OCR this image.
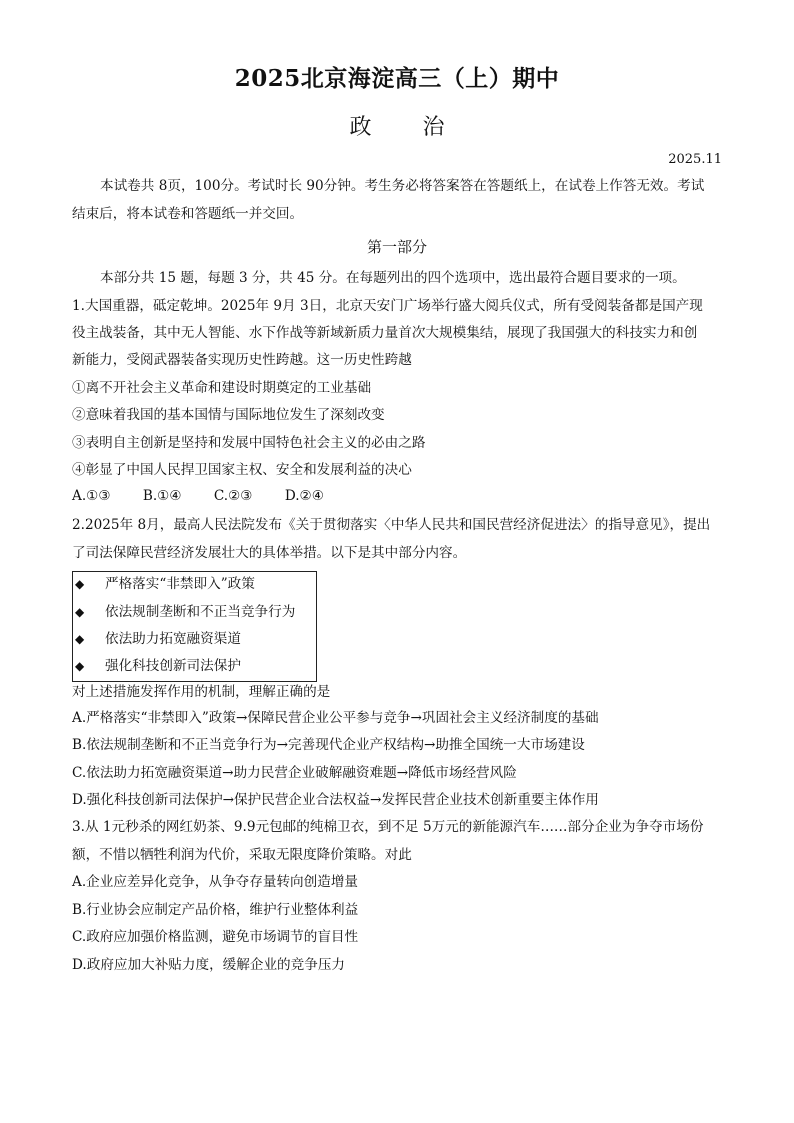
2025北京海淀高三（上）期中
政 治
2025.11
本试卷共 8页，100分。考试时长 90分钟。考生务必将答案答在答题纸上，在试卷上作答无效。考试
结束后，将本试卷和答题纸一并交回。
第一部分
本部分共 15 题，每题 3 分，共 45 分。在每题列出的四个选项中，选出最符合题目要求的一项。
1.大国重器，砥定乾坤。2025年 9月 3日，北京天安门广场举行盛大阅兵仪式，所有受阅装备都是国产现
役主战装备，其中无人智能、水下作战等新域新质力量首次大规模集结，展现了我国强大的科技实力和创
新能力，受阅武器装备实现历史性跨越。这一历史性跨越
①离不开社会主义革命和建设时期奠定的工业基础
②意味着我国的基本国情与国际地位发生了深刻改变
③表明自主创新是坚持和发展中国特色社会主义的必由之路
④彰显了中国人民捍卫国家主权、安全和发展利益的决心
A.①③ B.①④ C.②③ D.②④
2.2025年 8月，最高人民法院发布《关于贯彻落实〈中华人民共和国民营经济促进法〉的指导意见》，提出
了司法保障民营经济发展壮大的具体举措。以下是其中部分内容。
◆ 严格落实“非禁即入”政策
◆ 依法规制垄断和不正当竞争行为
◆ 依法助力拓宽融资渠道
◆ 强化科技创新司法保护
对上述措施发挥作用的机制，理解正确的是
A.严格落实“非禁即入”政策→保障民营企业公平参与竞争→巩固社会主义经济制度的基础
B.依法规制垄断和不正当竞争行为→完善现代企业产权结构→助推全国统一大市场建设
C.依法助力拓宽融资渠道→助力民营企业破解融资难题→降低市场经营风险
D.强化科技创新司法保护→保护民营企业合法权益→发挥民营企业技术创新重要主体作用
3.从 1元秒杀的网红奶茶、9.9元包邮的纯棉卫衣，到不足 5万元的新能源汽车……部分企业为争夺市场份
额，不惜以牺牲利润为代价，采取无限度降价策略。对此
A.企业应差异化竞争，从争夺存量转向创造增量
B.行业协会应制定产品价格，维护行业整体利益
C.政府应加强价格监测，避免市场调节的盲目性
D.政府应加大补贴力度，缓解企业的竞争压力
